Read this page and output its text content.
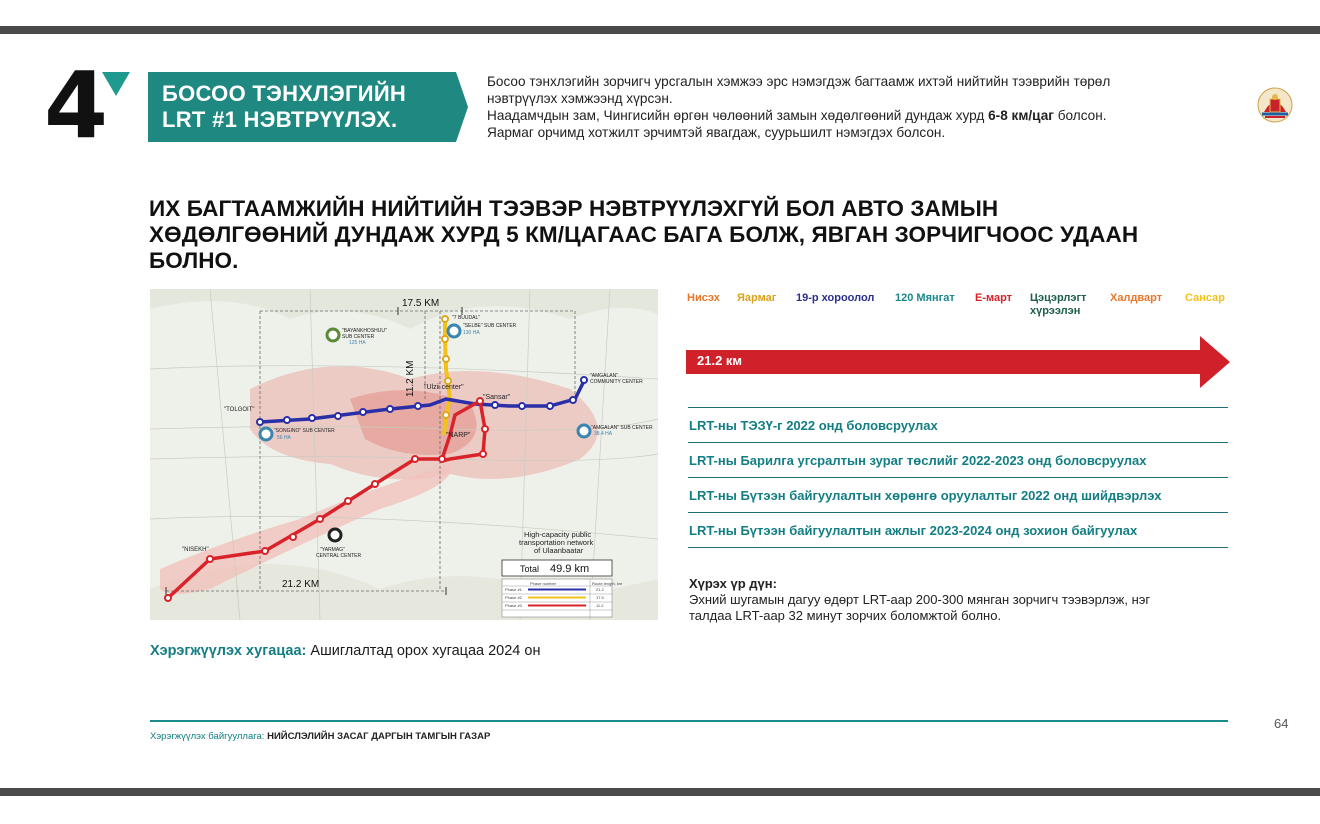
4	БОСОО ТЭНХЛЭГИЙН
LRT #1 НЭВТРҮҮЛЭХ.

Босоо тэнхлэгийн зорчигч урсгалын хэмжээ эрс нэмэгдэж багтаамж ихтэй нийтийн тээврийн төрөл

нэвтрүүлэх хэмжээнд хүрсэн.

Наадамчдын зам, Чингисийн өргөн чөлөөний замын хөдөлгөөний дундаж хурд 6-8 км/цаг болсон.

Яармаг орчимд хотжилт эрчимтэй явагдаж, суурьшилт нэмэгдэх болсон.

ИХ БАГТААМЖИЙН НИЙТИЙН ТЭЭВЭР НЭВТРҮҮЛЭХГҮЙ БОЛ АВТО ЗАМЫН
ХӨДӨЛГӨӨНИЙ ДУНДАЖ ХУРД 5 КМ/ЦАГААС БАГА БОЛЖ, ЯВГАН ЗОРЧИГЧООС УДААН
БОЛНО.
17.5 KM
11.2 KM
21.2 KM
"7 BUUDAL"
"SELBE" SUB CENTER
130 HA
"BAYANKHOSHUU"
SUB CENTER
125 HA
"Ulzii center"
"Sansar"
"AMGALAN"
COMMUNITY CENTER
"TOLGOIT"
"SONGINO" SUB CENTER
56 HA	"NARP"
"NISEKH"	"YARMAG"
CENTRAL CENTER
"AMGALAN" SUB CENTER
38.4 HA
High-capacity public
transportation network
of Ulaanbaatar
Total 49.9 km
Phase number	Route length, km
Phase #1	21.2
Phase #2	17.5
Phase #3	11.2
Нисэх Яармаг 19-р хороолол 120 Мянгат Е-март Цэцэрлэгт
хүрээлэн
Халдварт Сансар
21.2 км
LRT-ны ТЭЗҮ-г 2022 онд боловсруулах
LRT-ны Барилга угсралтын зураг төслийг 2022-2023 онд боловсруулах
LRT-ны Бүтээн байгуулалтын хөрөнгө оруулалтыг 2022 онд шийдвэрлэх
LRT-ны Бүтээн байгуулалтын ажлыг 2023-2024 онд зохион байгуулах
Хүрэх үр дүн:
Эхний шугамын дагуу өдөрт LRT-аар 200-300 мянган зорчигч тээвэрлэж, нэг
талдаа LRT-аар 32 минут зорчих боломжтой болно.
Хэрэгжүүлэх хугацаа: Ашиглалтад орох хугацаа 2024 он
Хэрэгжүүлэх байгууллага: НИЙСЛЭЛИЙН ЗАСАГ ДАРГЫН ТАМГЫН ГАЗАР
64
